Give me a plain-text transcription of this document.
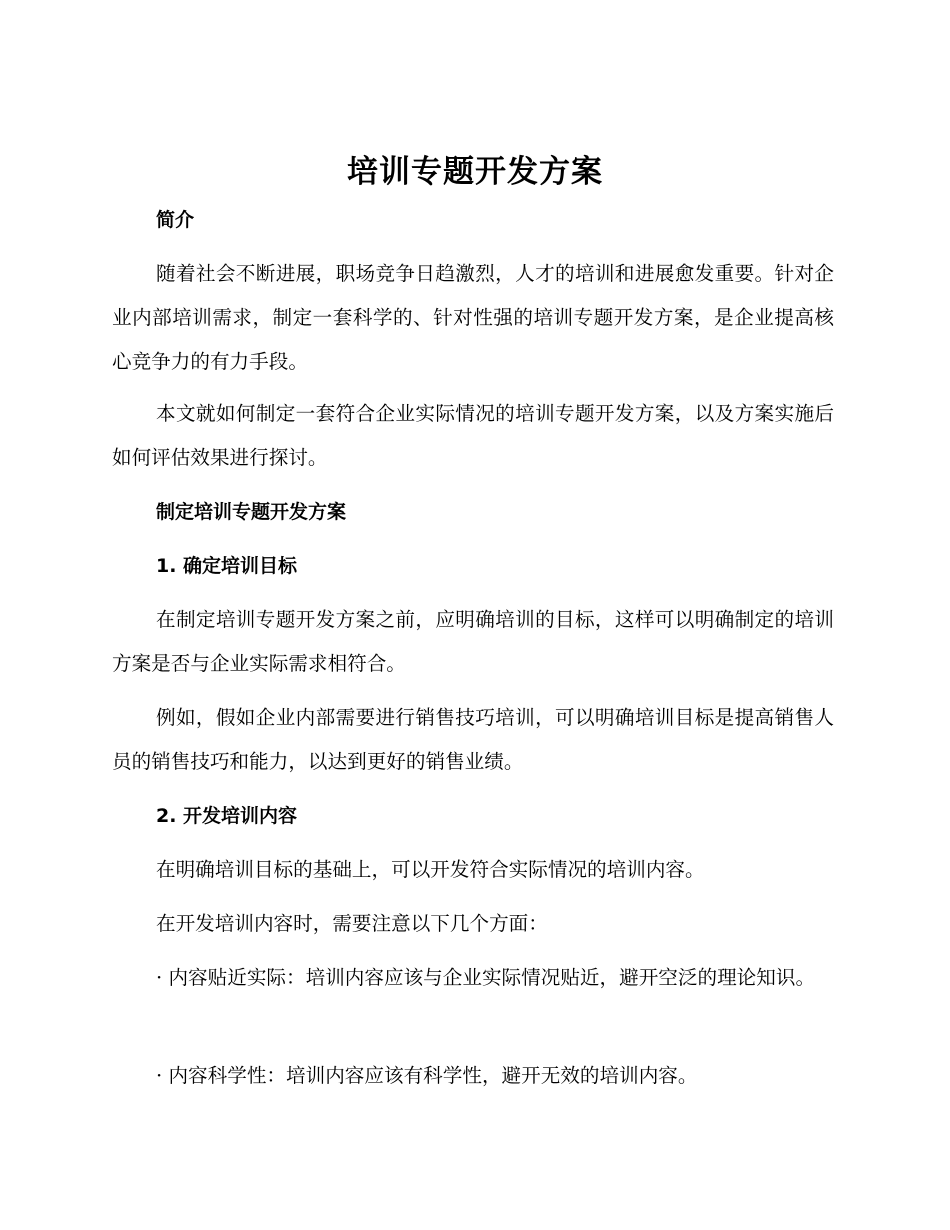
培训专题开发方案
简介

随着社会不断进展，职场竞争日趋激烈，人才的培训和进展愈发重要。针对企业内部培训需求，制定一套科学的、针对性强的培训专题开发方案，是企业提高核心竞争力的有力手段。

本文就如何制定一套符合企业实际情况的培训专题开发方案，以及方案实施后如何评估效果进行探讨。

制定培训专题开发方案
1. 确定培训目标

在制定培训专题开发方案之前，应明确培训的目标，这样可以明确制定的培训方案是否与企业实际需求相符合。

例如，假如企业内部需要进行销售技巧培训，可以明确培训目标是提高销售人员的销售技巧和能力，以达到更好的销售业绩。

2. 开发培训内容

在明确培训目标的基础上，可以开发符合实际情况的培训内容。

在开发培训内容时，需要注意以下几个方面：

· 内容贴近实际：培训内容应该与企业实际情况贴近，避开空泛的理论知识。

· 内容科学性：培训内容应该有科学性，避开无效的培训内容。
